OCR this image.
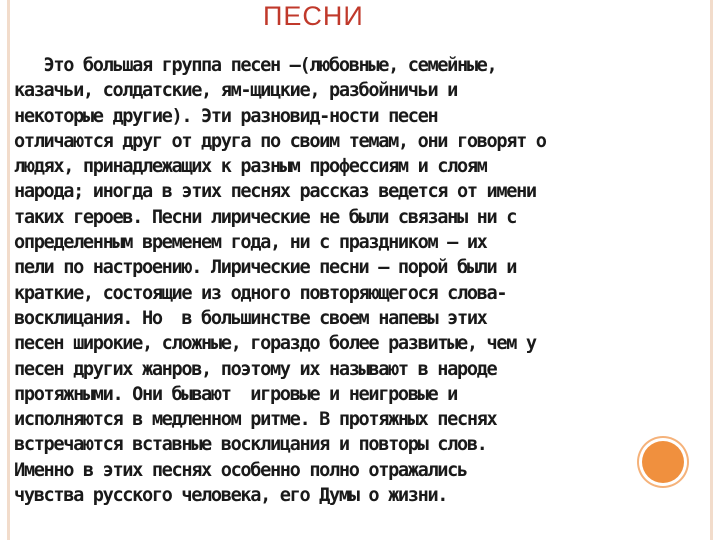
ПЕСНИ
Это большая группа песен —(любовные, семейные,
казачьи, солдатские, ям-щицкие, разбойничьи и
некоторые другие). Эти разновид-ности песен
отличаются друг от друга по своим темам, они говорят о
людях, принадлежащих к разным профессиям и слоям
народа; иногда в этих песнях рассказ ведется от имени
таких героев. Песни лирические не были связаны ни с
определенным временем года, ни с праздником — их
пели по настроению. Лирические песни — порой были и
краткие, состоящие из одного повторяющегося слова-
восклицания. Но  в большинстве своем напевы этих
песен широкие, сложные, гораздо более развитые, чем у
песен других жанров, поэтому их называют в народе
протяжными. Они бывают  игровые и неигровые и
исполняются в медленном ритме. В протяжных песнях
встречаются вставные восклицания и повторы слов.
Именно в этих песнях особенно полно отражались
чувства русского человека, его Думы о жизни.
